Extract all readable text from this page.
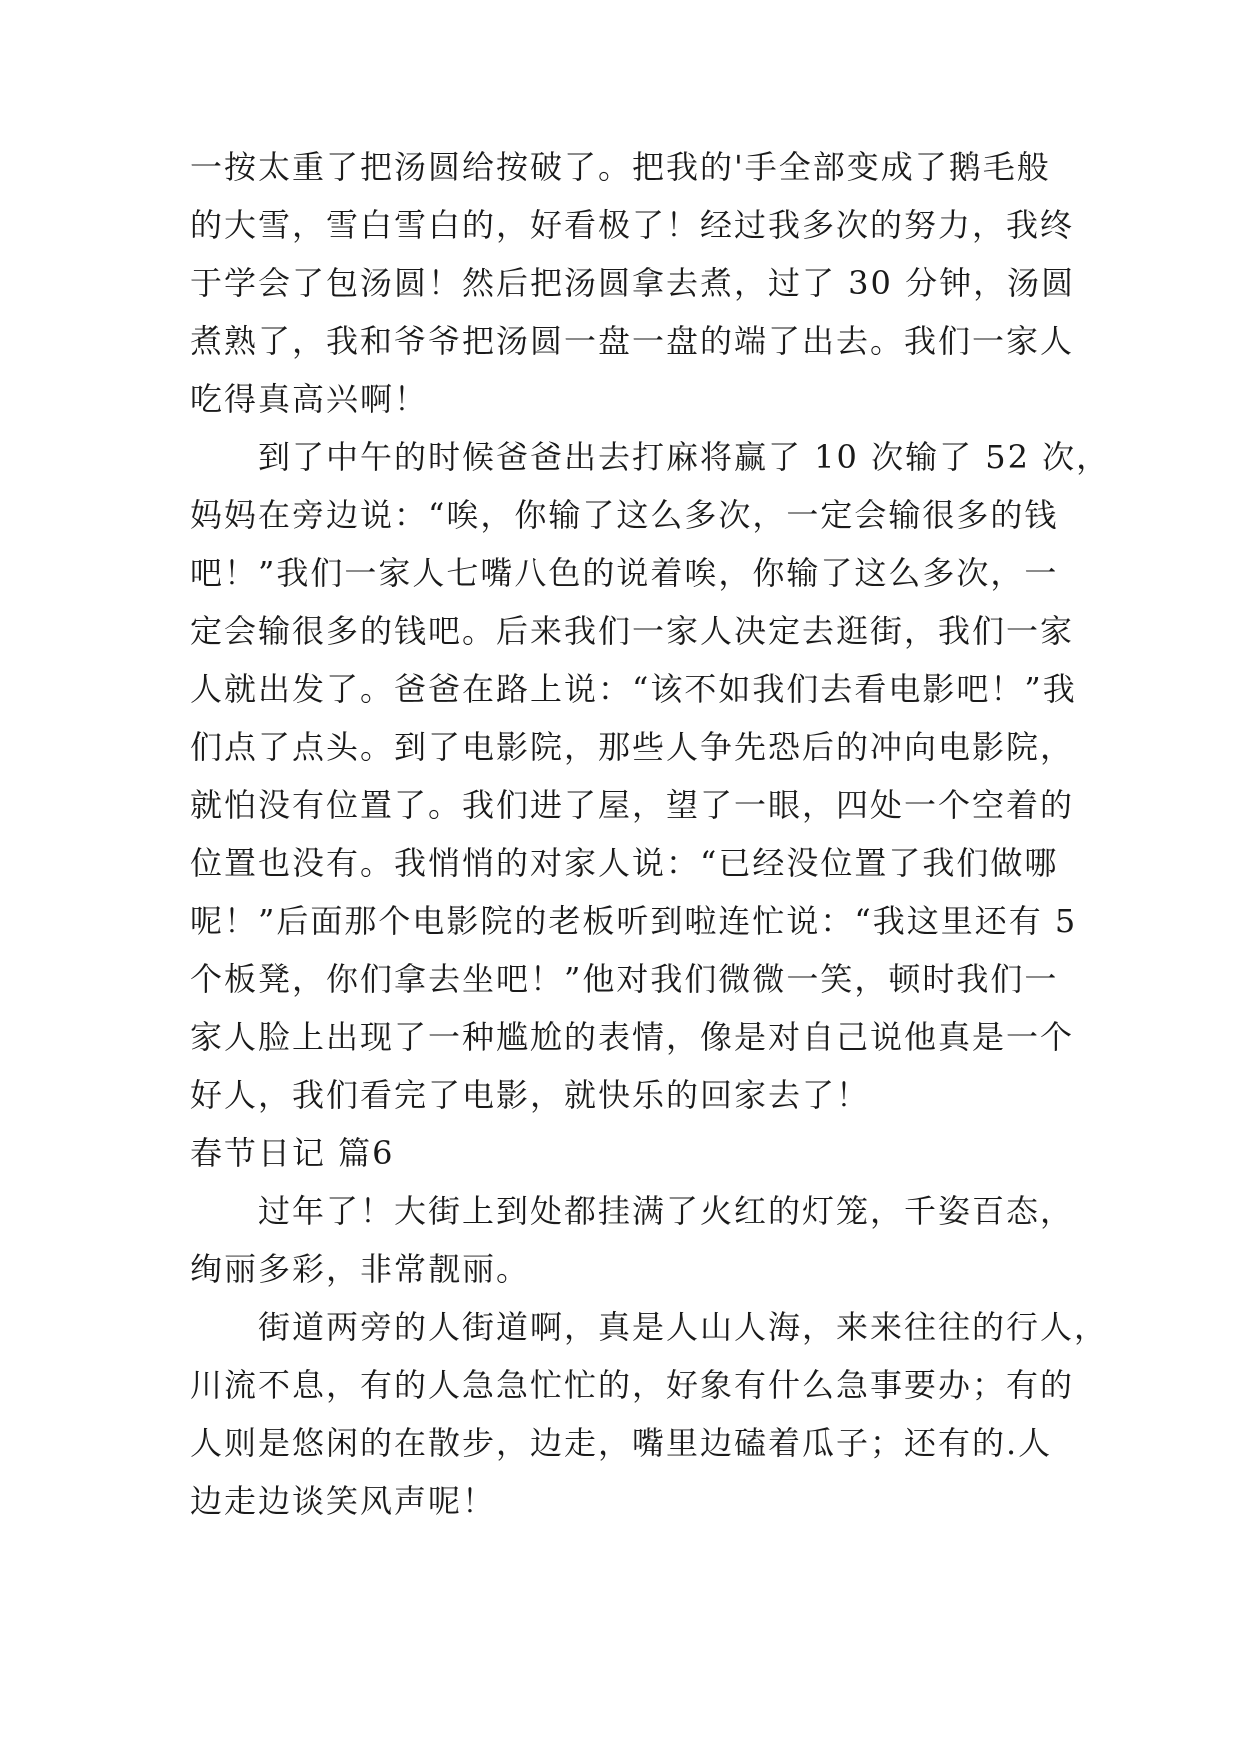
一按太重了把汤圆给按破了。把我的'手全部变成了鹅毛般
的大雪，雪白雪白的，好看极了！经过我多次的努力，我终
于学会了包汤圆！然后把汤圆拿去煮，过了 30 分钟，汤圆
煮熟了，我和爷爷把汤圆一盘一盘的端了出去。我们一家人
吃得真高兴啊！
到了中午的时候爸爸出去打麻将赢了 10 次输了 52 次，
妈妈在旁边说：“唉，你输了这么多次，一定会输很多的钱
吧！”我们一家人七嘴八色的说着唉，你输了这么多次，一
定会输很多的钱吧。后来我们一家人决定去逛街，我们一家
人就出发了。爸爸在路上说：“该不如我们去看电影吧！”我
们点了点头。到了电影院，那些人争先恐后的冲向电影院，
就怕没有位置了。我们进了屋，望了一眼，四处一个空着的
位置也没有。我悄悄的对家人说：“已经没位置了我们做哪
呢！”后面那个电影院的老板听到啦连忙说：“我这里还有 5
个板凳，你们拿去坐吧！”他对我们微微一笑，顿时我们一
家人脸上出现了一种尴尬的表情，像是对自己说他真是一个
好人，我们看完了电影，就快乐的回家去了！
春节日记 篇6
过年了！大街上到处都挂满了火红的灯笼，千姿百态，
绚丽多彩，非常靓丽。
街道两旁的人街道啊，真是人山人海，来来往往的行人，
川流不息，有的人急急忙忙的，好象有什么急事要办；有的
人则是悠闲的在散步，边走，嘴里边磕着瓜子；还有的.人
边走边谈笑风声呢！
